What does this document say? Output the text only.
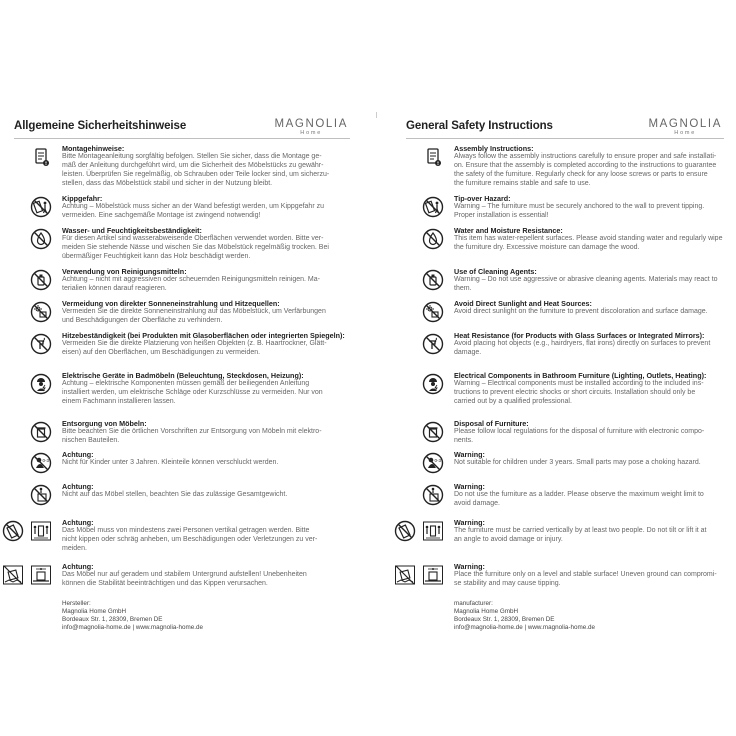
Allgemeine Sicherheitshinweise	MAGNOLIA
Home
Montagehinweise:
Bitte Montageanleitung sorgfältig befolgen. Stellen Sie sicher, dass die Montage ge-
mäß der Anleitung durchgeführt wird, um die Sicherheit des Möbelstücks zu gewähr-
leisten. Überprüfen Sie regelmäßig, ob Schrauben oder Teile locker sind, um sicherzu-
stellen, dass das Möbelstück stabil und sicher in der Nutzung bleibt.
Kippgefahr:
Achtung – Möbelstück muss sicher an der Wand befestigt werden, um Kippgefahr zu
vermeiden. Eine sachgemäße Montage ist zwingend notwendig!
Wasser- und Feuchtigkeitsbeständigkeit:
Für diesen Artikel sind wasserabweisende Oberflächen verwendet worden. Bitte ver-
meiden Sie stehende Nässe und wischen Sie das Möbelstück regelmäßig trocken. Bei
übermäßiger Feuchtigkeit kann das Holz beschädigt werden.
Verwendung von Reinigungsmitteln:
Achtung – nicht mit aggressiven oder scheuernden Reinigungsmitteln reinigen. Ma-
terialien können darauf reagieren.
Vermeidung von direkter Sonneneinstrahlung und Hitzequellen:
Vermeiden Sie die direkte Sonneneinstrahlung auf das Möbelstück, um Verfärbungen
und Beschädigungen der Oberfläche zu verhindern.
Hitzebeständigkeit (bei Produkten mit Glasoberflächen oder integrierten Spiegeln):
Vermeiden Sie die direkte Platzierung von heißen Objekten (z. B. Haartrockner, Glätt-
eisen) auf den Oberflächen, um Beschädigungen zu vermeiden.
Elektrische Geräte in Badmöbeln (Beleuchtung, Steckdosen, Heizung):
Achtung – elektrische Komponenten müssen gemäß der beiliegenden Anleitung
installiert werden, um elektrische Schläge oder Kurzschlüsse zu vermeiden. Nur von
einem Fachmann installieren lassen.
Entsorgung von Möbeln:
Bitte beachten Sie die örtlichen Vorschriften zur Entsorgung von Möbeln mit elektro-
nischen Bauteilen.
0-3
Achtung:
Nicht für Kinder unter 3 Jahren. Kleinteile können verschluckt werden.
Achtung:
Nicht auf das Möbel stellen, beachten Sie das zulässige Gesamtgewicht.
Achtung:
Das Möbel muss von mindestens zwei Personen vertikal getragen werden. Bitte
nicht kippen oder schräg anheben, um Beschädigungen oder Verletzungen zu ver-
meiden.
Achtung:
Das Möbel nur auf geradem und stabilem Untergrund aufstellen! Unebenheiten
können die Stabilität beeinträchtigen und das Kippen verursachen.
Hersteller:
Magnolia Home GmbH
Bordeaux Str. 1, 28309, Bremen DE
info@magnolia-home.de | www.magnolia-home.de
General Safety Instructions	MAGNOLIA
Home
Assembly Instructions:
Always follow the assembly instructions carefully to ensure proper and safe installati-
on. Ensure that the assembly is completed according to the instructions to guarantee
the safety of the furniture. Regularly check for any loose screws or parts to ensure
the furniture remains stable and safe to use.
Tip-over Hazard:
Warning – The furniture must be securely anchored to the wall to prevent tipping.
Proper installation is essential!
Water and Moisture Resistance:
This item has water-repellent surfaces. Please avoid standing water and regularly wipe
the furniture dry. Excessive moisture can damage the wood.
Use of Cleaning Agents:
Warning – Do not use aggressive or abrasive cleaning agents. Materials may react to
them.
Avoid Direct Sunlight and Heat Sources:
Avoid direct sunlight on the furniture to prevent discoloration and surface damage.
Heat Resistance (for Products with Glass Surfaces or Integrated Mirrors):
Avoid placing hot objects (e.g., hairdryers, flat irons) directly on surfaces to prevent
damage.
Electrical Components in Bathroom Furniture (Lighting, Outlets, Heating):
Warning – Electrical components must be installed according to the included ins-
tructions to prevent electric shocks or short circuits. Installation should only be
carried out by a qualified professional.
Disposal of Furniture:
Please follow local regulations for the disposal of furniture with electronic compo-
nents.
0-3
Warning:
Not suitable for children under 3 years. Small parts may pose a choking hazard.
Warning:
Do not use the furniture as a ladder. Please observe the maximum weight limit to
avoid damage.
Warning:
The furniture must be carried vertically by at least two people. Do not tilt or lift it at
an angle to avoid damage or injury.
Warning:
Place the furniture only on a level and stable surface! Uneven ground can compromi-
se stability and may cause tipping.
manufacturer:
Magnolia Home GmbH
Bordeaux Str. 1, 28309, Bremen DE
info@magnolia-home.de | www.magnolia-home.de
